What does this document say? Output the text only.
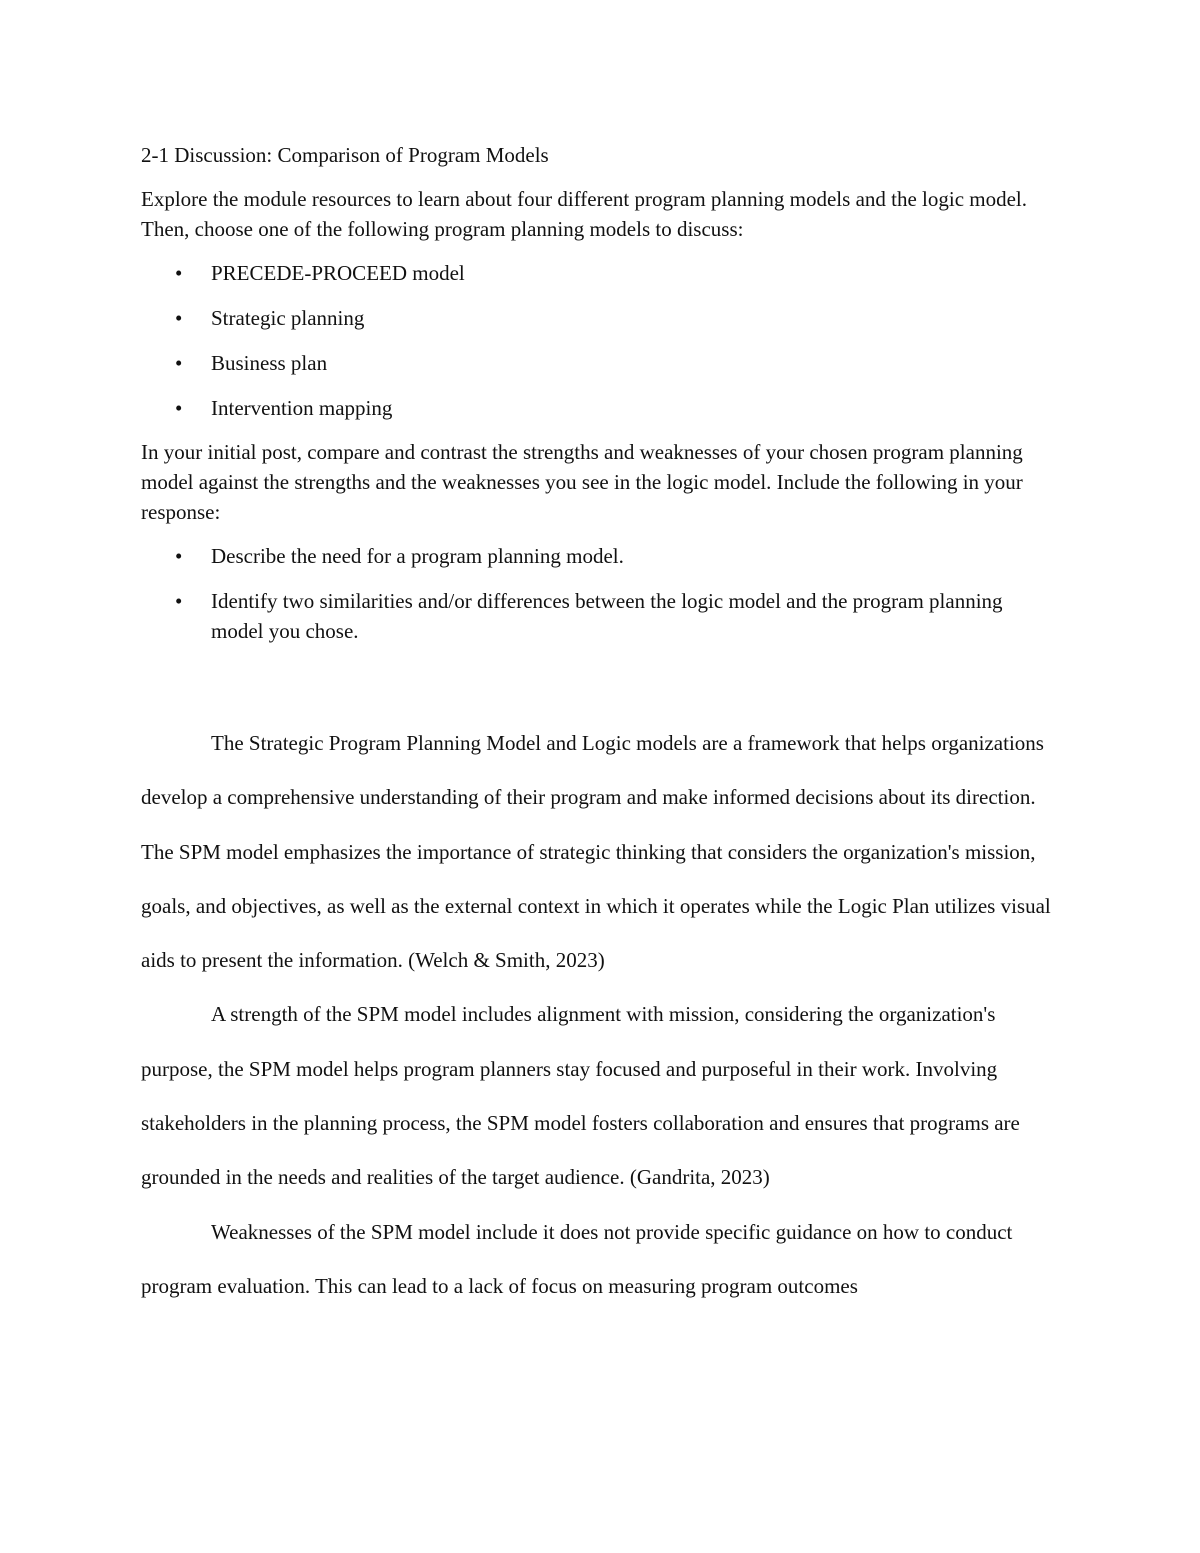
2-1 Discussion: Comparison of Program Models

Explore the module resources to learn about four different program planning models and the logic model. Then, choose one of the following program planning models to discuss:

• PRECEDE-PROCEED model
• Strategic planning
• Business plan
• Intervention mapping

In your initial post, compare and contrast the strengths and weaknesses of your chosen program planning model against the strengths and the weaknesses you see in the logic model. Include the following in your response:

• Describe the need for a program planning model.
• Identify two similarities and/or differences between the logic model and the program planning model you chose.

The Strategic Program Planning Model and Logic models are a framework that helps organizations develop a comprehensive understanding of their program and make informed decisions about its direction. The SPM model emphasizes the importance of strategic thinking that considers the organization's mission, goals, and objectives, as well as the external context in which it operates while the Logic Plan utilizes visual aids to present the information. (Welch & Smith, 2023)

A strength of the SPM model includes alignment with mission, considering the organization's purpose, the SPM model helps program planners stay focused and purposeful in their work. Involving stakeholders in the planning process, the SPM model fosters collaboration and ensures that programs are grounded in the needs and realities of the target audience. (Gandrita, 2023)

Weaknesses of the SPM model include it does not provide specific guidance on how to conduct program evaluation. This can lead to a lack of focus on measuring program outcomes
